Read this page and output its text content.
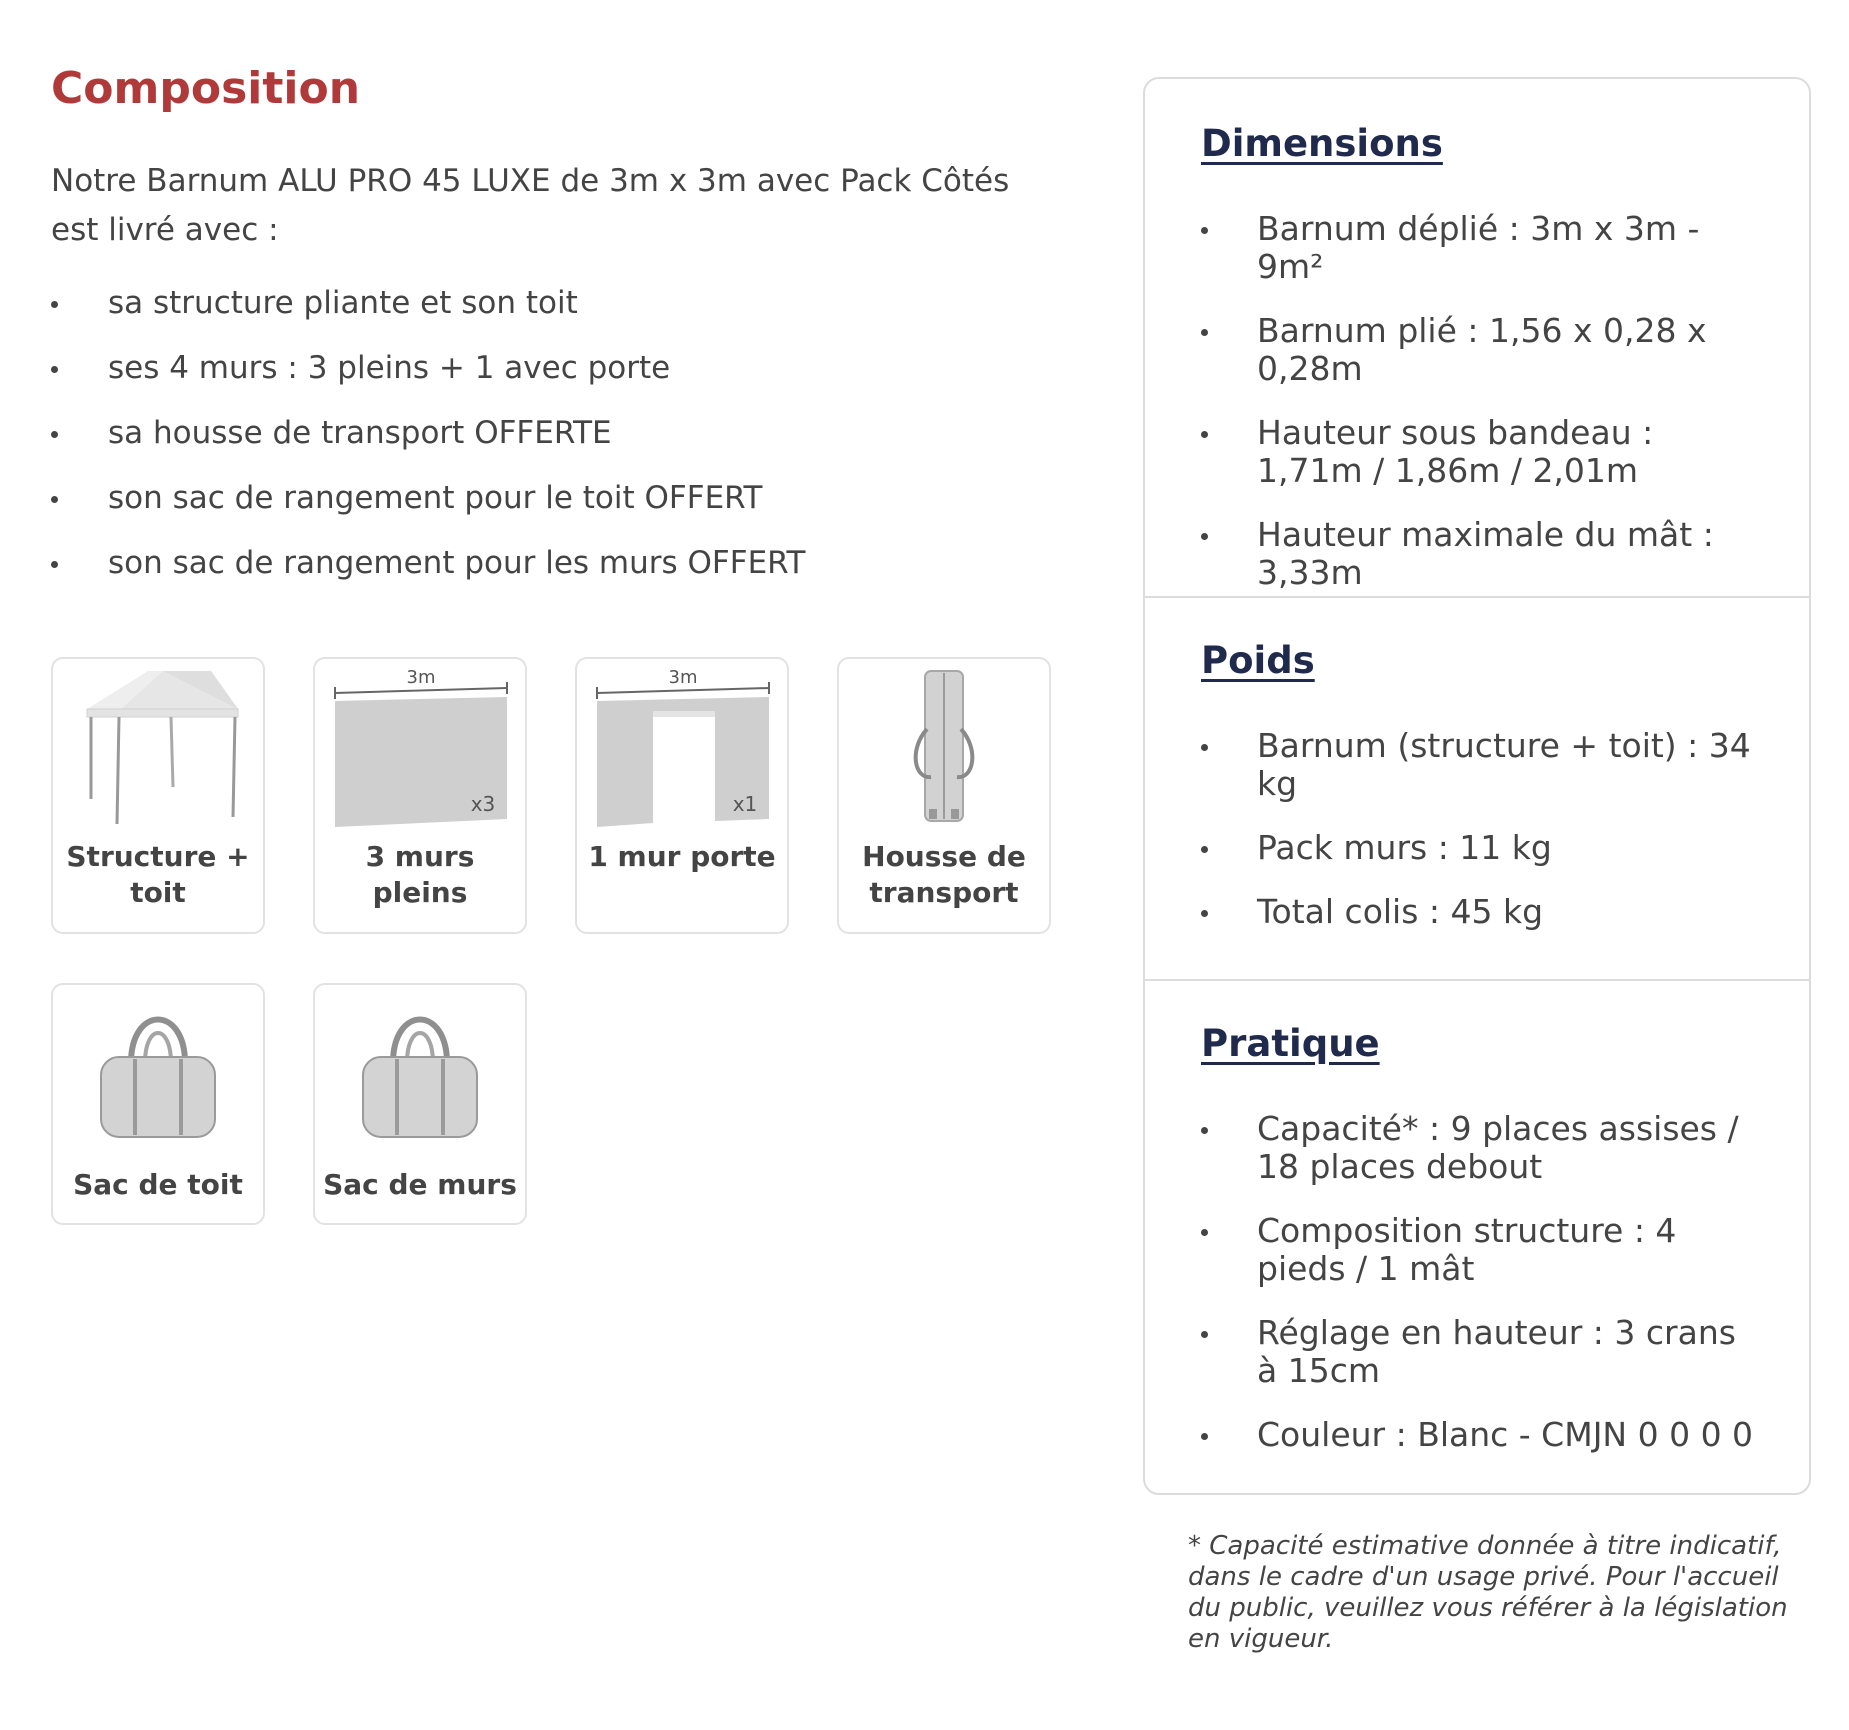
Composition

Notre Barnum ALU PRO 45 LUXE de 3m x 3m avec Pack Côtés est livré avec :

sa structure pliante et son toit
ses 4 murs : 3 pleins + 1 avec porte
sa housse de transport OFFERTE
son sac de rangement pour le toit OFFERT
son sac de rangement pour les murs OFFERT
Structure + toit
3m
x3
3 murs pleins
3m
x1
1 mur porte	Housse de transport
Sac de toit	Sac de murs
Dimensions
Barnum déplié : 3m x 3m - 9m²
Barnum plié : 1,56 x 0,28 x 0,28m
Hauteur sous bandeau : 1,71m / 1,86m / 2,01m
Hauteur maximale du mât : 3,33m
Poids
Barnum (structure + toit) : 34 kg
Pack murs : 11 kg
Total colis : 45 kg
Pratique
Capacité* : 9 places assises / 18 places debout
Composition structure : 4 pieds / 1 mât
Réglage en hauteur : 3 crans à 15cm
Couleur : Blanc - CMJN 0 0 0 0

* Capacité estimative donnée à titre indicatif, dans le cadre d'un usage privé. Pour l'accueil du public, veuillez vous référer à la législation en vigueur.
